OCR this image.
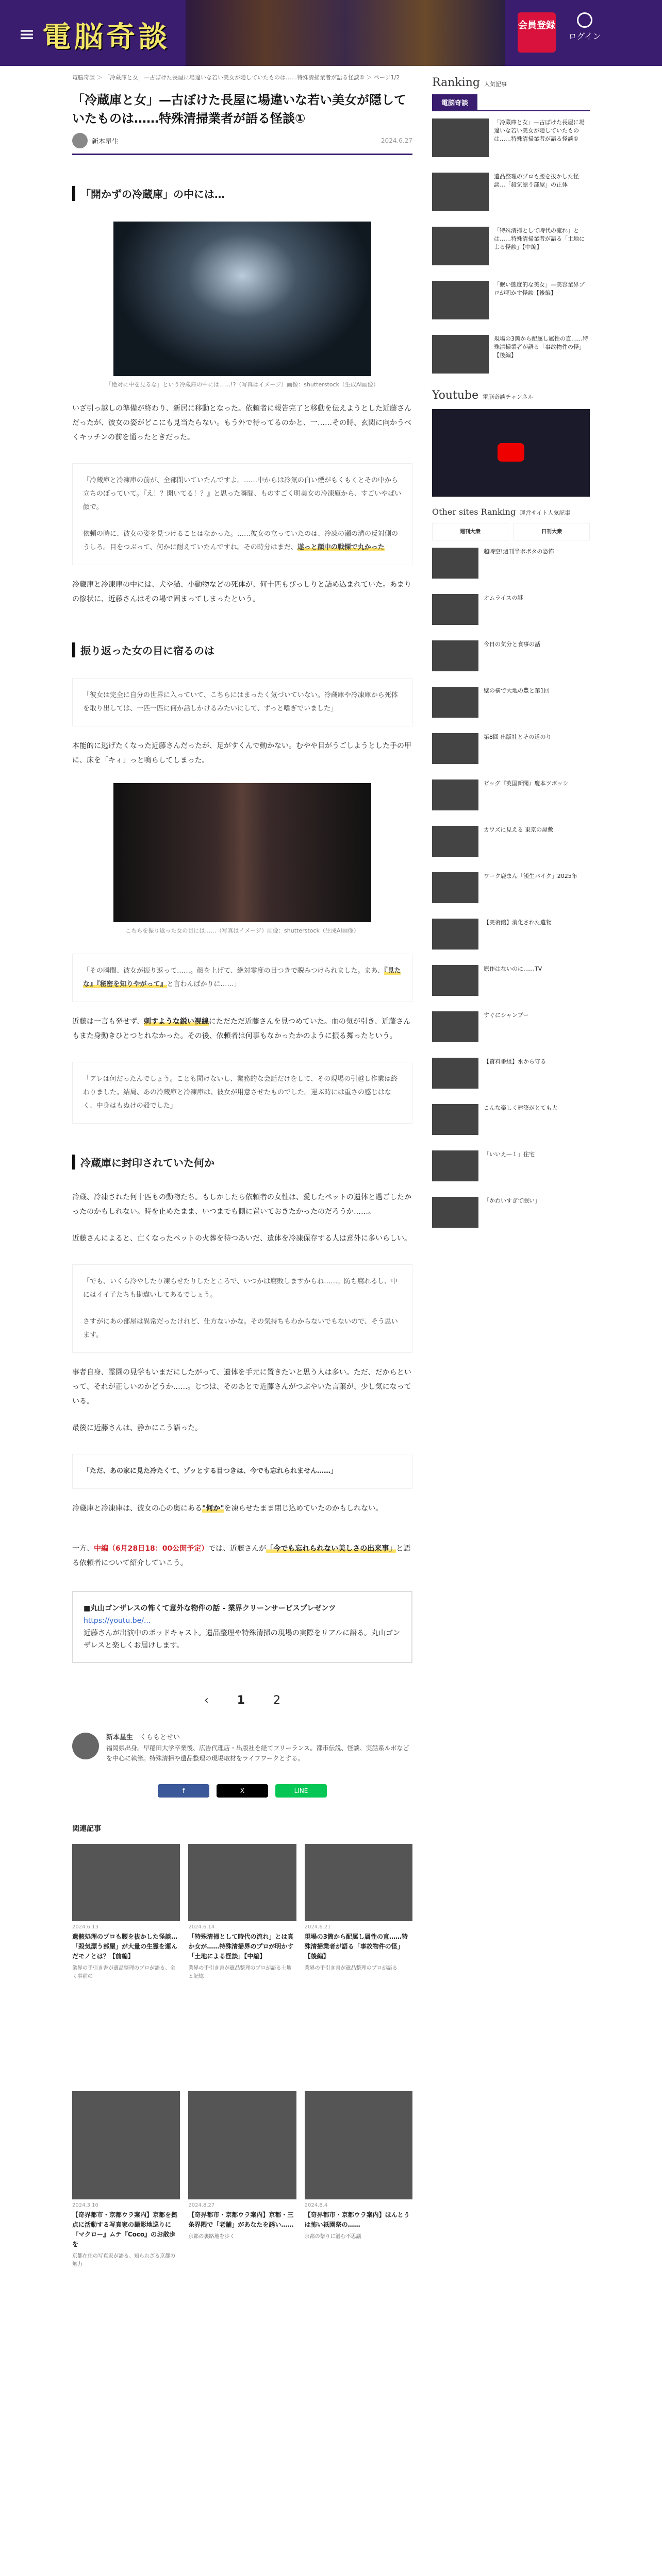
≡ 電脳奇談	会員登録
ログイン
電脳奇談 ＞ 「冷蔵庫と女」—古ぼけた長屋に場違いな若い美女が隠していたものは……特殊清掃業者が語る怪談① ＞ ページ1/2
「冷蔵庫と女」—古ぼけた長屋に場違いな若い美女が隠していたものは……特殊清掃業者が語る怪談①
新本星生	2024.6.27
「開かずの冷蔵庫」の中には…
「絶対に中を見るな」という冷蔵庫の中には……!?（写真はイメージ）画像：shutterstock（生成AI画像）

いざ引っ越しの準備が終わり、新居に移動となった。依頼者に報告完了と移動を伝えようとした近藤さんだったが、彼女の姿がどこにも見当たらない。もう外で待ってるのかと、一……その時、玄関に向かうべくキッチンの前を通ったときだった。

「冷蔵庫と冷凍庫の前が、全部閉いていたんですよ。……中からは冷気の白い煙がもくもくとその中から立ちのぼっていて。『え！？開いてる！？』と思った瞬間、ものすごく明美女の冷凍庫から、すごいやばい顔で。
依頼の時に、彼女の姿を見つけることはなかった。……彼女の立っていたのは、冷凍の瀬の溝の反対側のうしろ。目をつぶって、何かに耐えていたんですね。その時分はまだ、遂っと顔中の戦慄で丸かった

冷蔵庫と冷凍庫の中には、犬や猫、小動物などの死体が、何十匹もびっしりと詰め込まれていた。あまりの惨状に、近藤さんはその場で固まってしまったという。

振り返った女の目に宿るのは
「彼女は完全に自分の世界に入っていて、こちらにはまったく気づいていない。冷蔵庫や冷凍庫から死体を取り出しては、一匹一匹に何か話しかけるみたいにして、ずっと嗜ぎでいました」

本能的に逃げたくなった近藤さんだったが、足がすくんで動かない。むやや目がうごしようとした手の甲に、床を「キィ」っと鳴らしてしまった。

こちらを振り返った女の目には……（写真はイメージ）画像：shutterstock（生成AI画像）
「その瞬間、彼女が振り返って……。顔を上げて、絶対零度の目つきで睨みつけられました。まあ、『見たな』『秘密を知りやがって』と言わんばかりに……」

近藤は一言も発せず、刺すような鋭い視線にただただ近藤さんを見つめていた。血の気が引き、近藤さんもまた身動きひとつとれなかった。その後、依頼者は何事もなかったかのように振る舞ったという。

「アレは何だったんでしょう。ことも聞けないし、業務的な会話だけをして、その現場の引越し作業は終わりました。結局、あの冷蔵庫と冷凍庫は、彼女が用意させたものでした。運ぶ時には重さの感じはなく、中身はもぬけの殻でした」
冷蔵庫に封印されていた何か

冷蔵、冷凍された何十匹もの動物たち。もしかしたら依頼者の女性は、愛したペットの遺体と過ごしたかったのかもしれない。時を止めたまま、いつまでも側に置いておきたかったのだろうか……。

近藤さんによると、亡くなったペットの火葬を待つあいだ、遺体を冷凍保存する人は意外に多いらしい。

「でも、いくら冷やしたり凍らせたりしたところで、いつかは腐敗しますからね……。防ち腐れるし、中にはイイ子たちも勘違いしてあるでしょう。
さすがにあの部屋は異常だったけれど、仕方ないかな。その気持ちもわからないでもないので、そう思います。

事者自身、霊園の見学もいまだにしたがって、遺体を手元に置きたいと思う人は多い。ただ、だからといって、それが正しいのかどうか……。じつは、そのあとで近藤さんがつぶやいた言葉が、少し気になっている。

最後に近藤さんは、静かにこう語った。

「ただ、あの家に見た冷たくて、ゾッとする目つきは、今でも忘れられません……」

冷蔵庫と冷凍庫は、彼女の心の奥にある"何か"を凍らせたまま閉じ込めていたのかもしれない。

一方、中編（6月28日18：00公開予定）では、近藤さんが「今でも忘れられない美しさの出来事」と語る依頼者について紹介していこう。

■丸山ゴンザレスの怖くて意外な物件の話 - 業界クリーンサービスプレゼンツ
https://youtu.be/...
近藤さんが出演中のポッドキャスト。遺品整理や特殊清掃の現場の実際をリアルに語る。丸山ゴンザレスと楽しくお届けします。
‹	1	2
新本星生　 くらもとせい
福岡県出身。早稲田大学卒業後、広告代理店・出版社を経てフリーランス。都市伝説、怪談、実話系ルポなどを中心に執筆。特殊清掃や遺品整理の現場取材をライフワークとする。
f	X	LINE
関連記事
2024.6.13
遺骸処理のプロも腰を抜かした怪談…「殺気漂う部屋」が大量の生霊を運んだモノとは？【前編】
業界の手引き書が遺品整理のプロが語る、全く事前の
2024.6.14
「特殊清掃として時代の流れ」とは真か女が……特殊清掃界のプロが明かす「土地による怪談」【中編】
業界の手引き書が遺品整理のプロが語る土地と記憶
2024.6.21
現場の3箇から配属し属性の直……特殊清掃業者が語る「事故物件の怪」【後編】
業界の手引き書が遺品整理のプロが語る
2024.3.10
【奇界都市・京都ウラ案内】京都を拠点に活動する写真家の撮影地巡りに『マクロー』ムテ『Coco』のお散歩を
京都在住の写真家が語る、知られざる京都の魅力
2024.8.27
【奇界都市・京都ウラ案内】京都・三条界隈で「老舗」があなたを誘い……
京都の裏路地を歩く
2024.8.4
【奇界都市・京都ウラ案内】ほんとうは怖い祇園祭の……
京都の祭りに潜む不思議
Ranking 人気記事
電脳奇談
「冷蔵庫と女」—古ぼけた長屋に場違いな若い美女が隠していたものは……特殊清掃業者が語る怪談①
遺品整理のプロも腰を抜かした怪談…「殺気漂う部屋」の正体
「特殊清掃として時代の流れ」とは……特殊清掃業者が語る「土地による怪談」【中編】
「眠い態度的な美女」—美容業界プロが明かす怪談【後編】
現場の3箇から配属し属性の直……特殊清掃業者が語る「事故物件の怪」【後編】
Youtube 電脳奇談チャンネル
Other sites Ranking 運営サイト人気記事
週刊大衆	日刊大衆
超時空!週刊半ボボタの恐怖
オムライスの謎
今日の気分と食事の話
壁の横で大地の豊と第1回
第8回 出版社とその道のり
ビッグ『英国新聞』慶本ツボッシ
カワズに見える 東京の屋敷
ワーク鹿まん「漢生パイク」2025年
【美術館】消化された遺物
原作はないのに……TV
すぐにシャンプー
【資料番組】水から守る
こんな楽しく建築がとても大
「いいえ—１」住宅
「かわいすぎて眠い」
